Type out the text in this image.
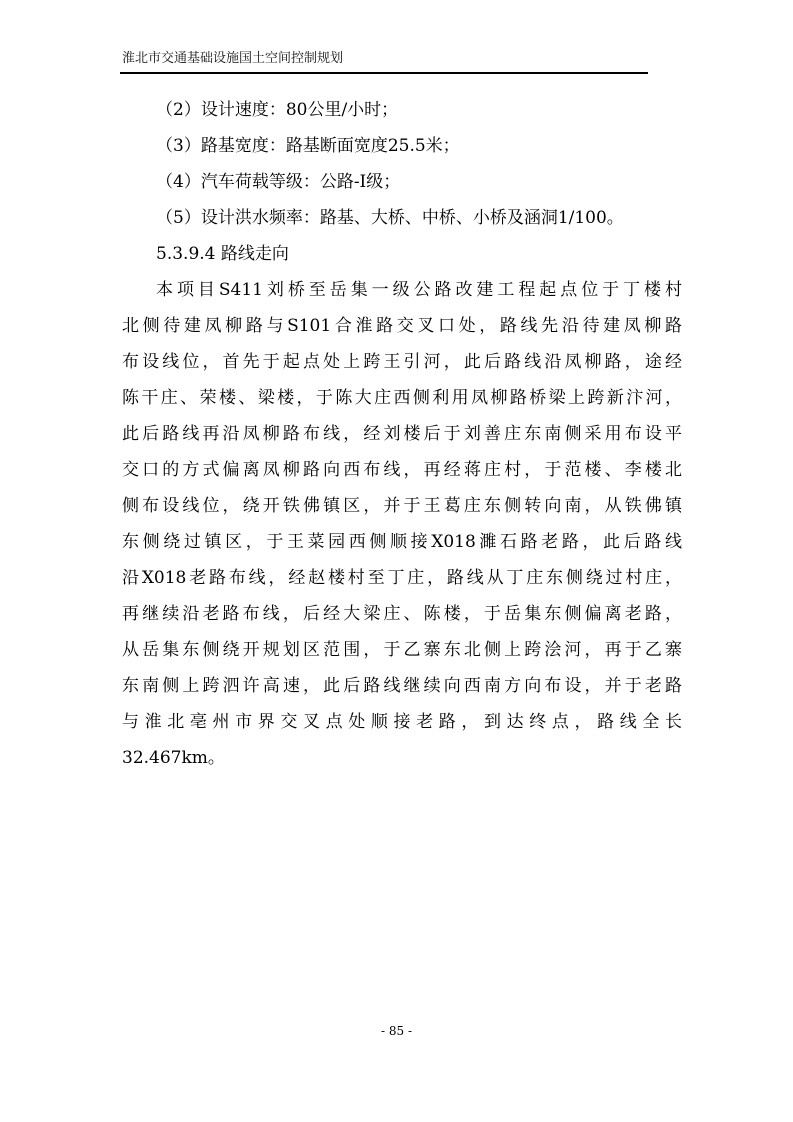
淮北市交通基础设施国土空间控制规划
（2）设计速度：80公里/小时；
（3）路基宽度：路基断面宽度25.5米；
（4）汽车荷载等级：公路-Ⅰ级；
（5）设计洪水频率：路基、大桥、中桥、小桥及涵洞1/100。
5.3.9.4 路线走向
本项目S411刘桥至岳集一级公路改建工程起点位于丁楼村
北侧待建凤柳路与S101合淮路交叉口处，路线先沿待建凤柳路
布设线位，首先于起点处上跨王引河，此后路线沿凤柳路，途经
陈干庄、荣楼、梁楼，于陈大庄西侧利用凤柳路桥梁上跨新汴河，
此后路线再沿凤柳路布线，经刘楼后于刘善庄东南侧采用布设平
交口的方式偏离凤柳路向西布线，再经蒋庄村，于范楼、李楼北
侧布设线位，绕开铁佛镇区，并于王葛庄东侧转向南，从铁佛镇
东侧绕过镇区，于王菜园西侧顺接X018濉石路老路，此后路线
沿X018老路布线，经赵楼村至丁庄，路线从丁庄东侧绕过村庄，
再继续沿老路布线，后经大梁庄、陈楼，于岳集东侧偏离老路，
从岳集东侧绕开规划区范围，于乙寨东北侧上跨浍河，再于乙寨
东南侧上跨泗许高速，此后路线继续向西南方向布设，并于老路
与淮北亳州市界交叉点处顺接老路，到达终点，路线全长
32.467km。
- 85 -
